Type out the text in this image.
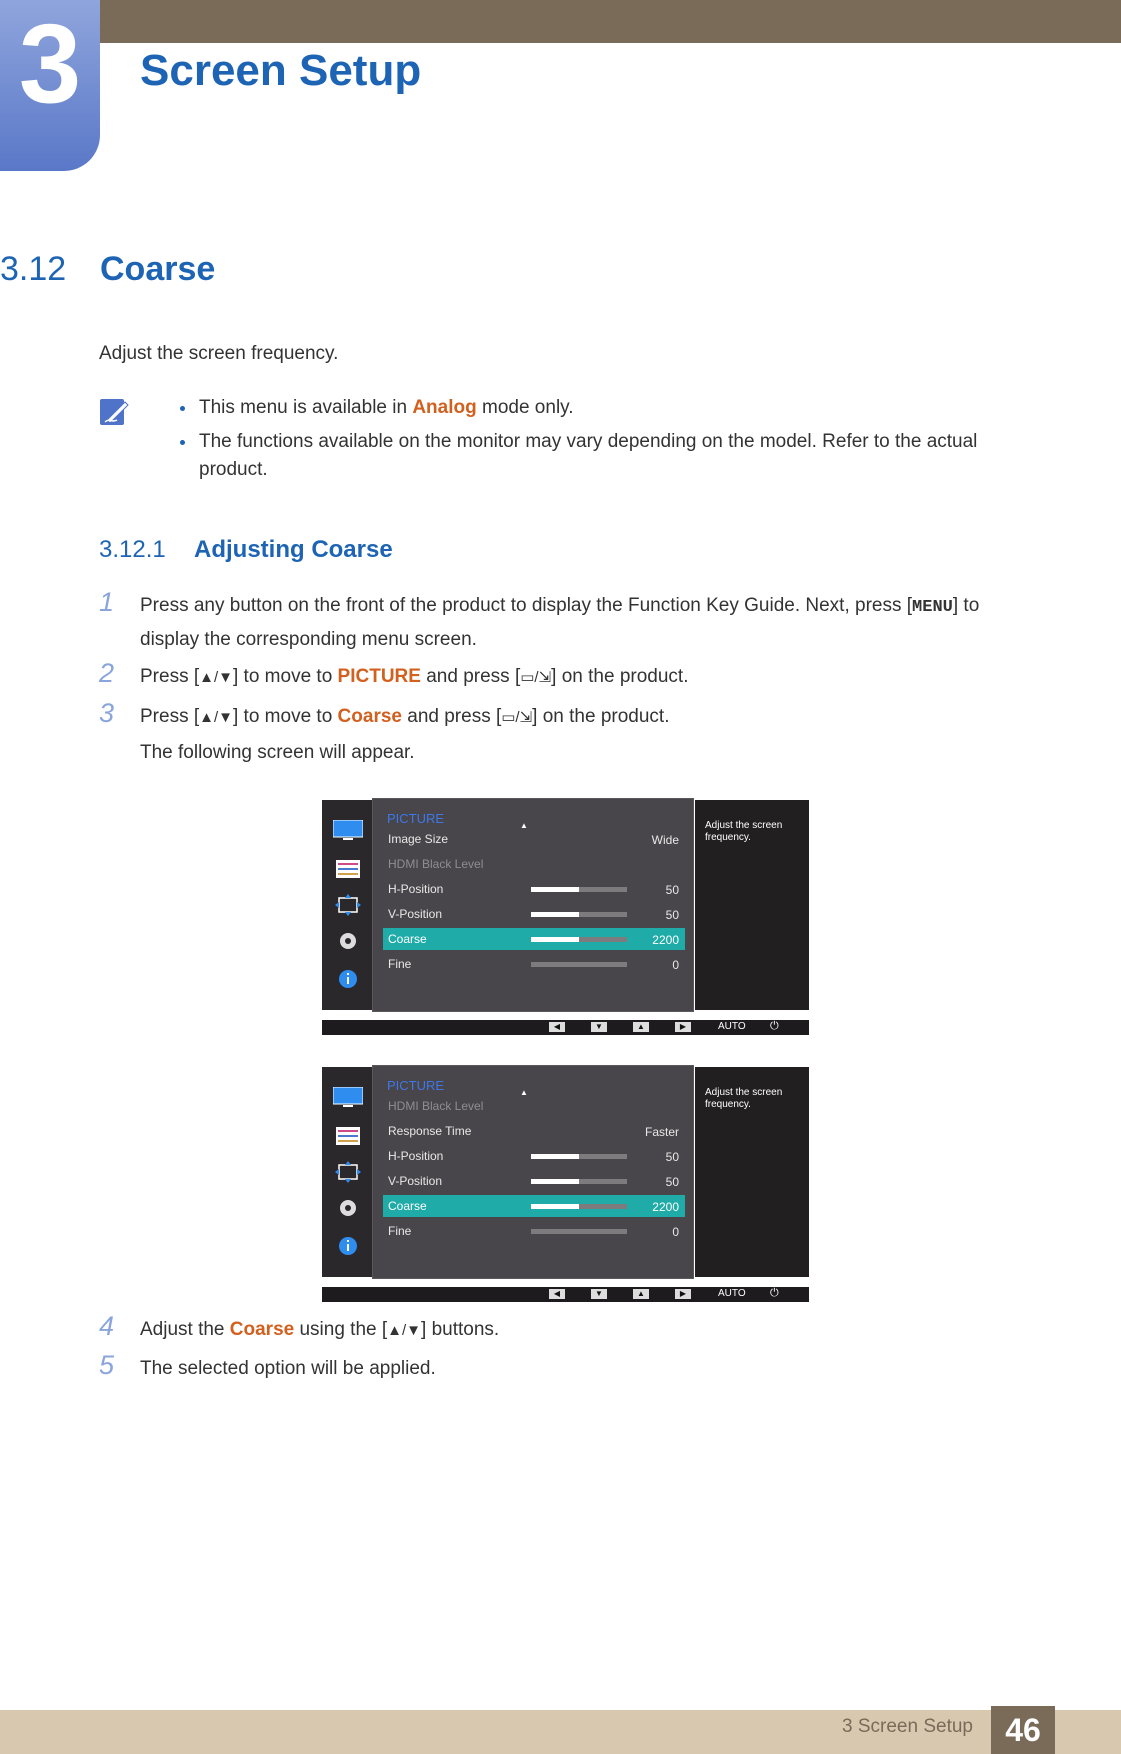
3	Screen Setup
3.12 Coarse
Adjust the screen frequency.
This menu is available in Analog mode only.
The functions available on the monitor may vary depending on the model. Refer to the actual product.
3.12.1 Adjusting Coarse
1 Press any button on the front of the product to display the Function Key Guide. Next, press [MENU] to display the corresponding menu screen.
2 Press [▲/▼] to move to PICTURE and press [▭/⇲] on the product.
3 Press [▲/▼] to move to Coarse and press [▭/⇲] on the product.
The following screen will appear.
PICTURE	▲
Image Size	Wide
HDMI Black Level
H-Position	50
V-Position	50
Coarse	2200
Fine	0
Adjust the screen frequency.
◀	▼	▲	▶	AUTO ⏻
PICTURE	▲
HDMI Black Level
Response Time	Faster
H-Position	50
V-Position	50
Coarse	2200
Fine	0
Adjust the screen frequency.
◀	▼	▲	▶	AUTO ⏻
4 Adjust the Coarse using the [▲/▼] buttons.
5 The selected option will be applied.
3 Screen Setup	46
